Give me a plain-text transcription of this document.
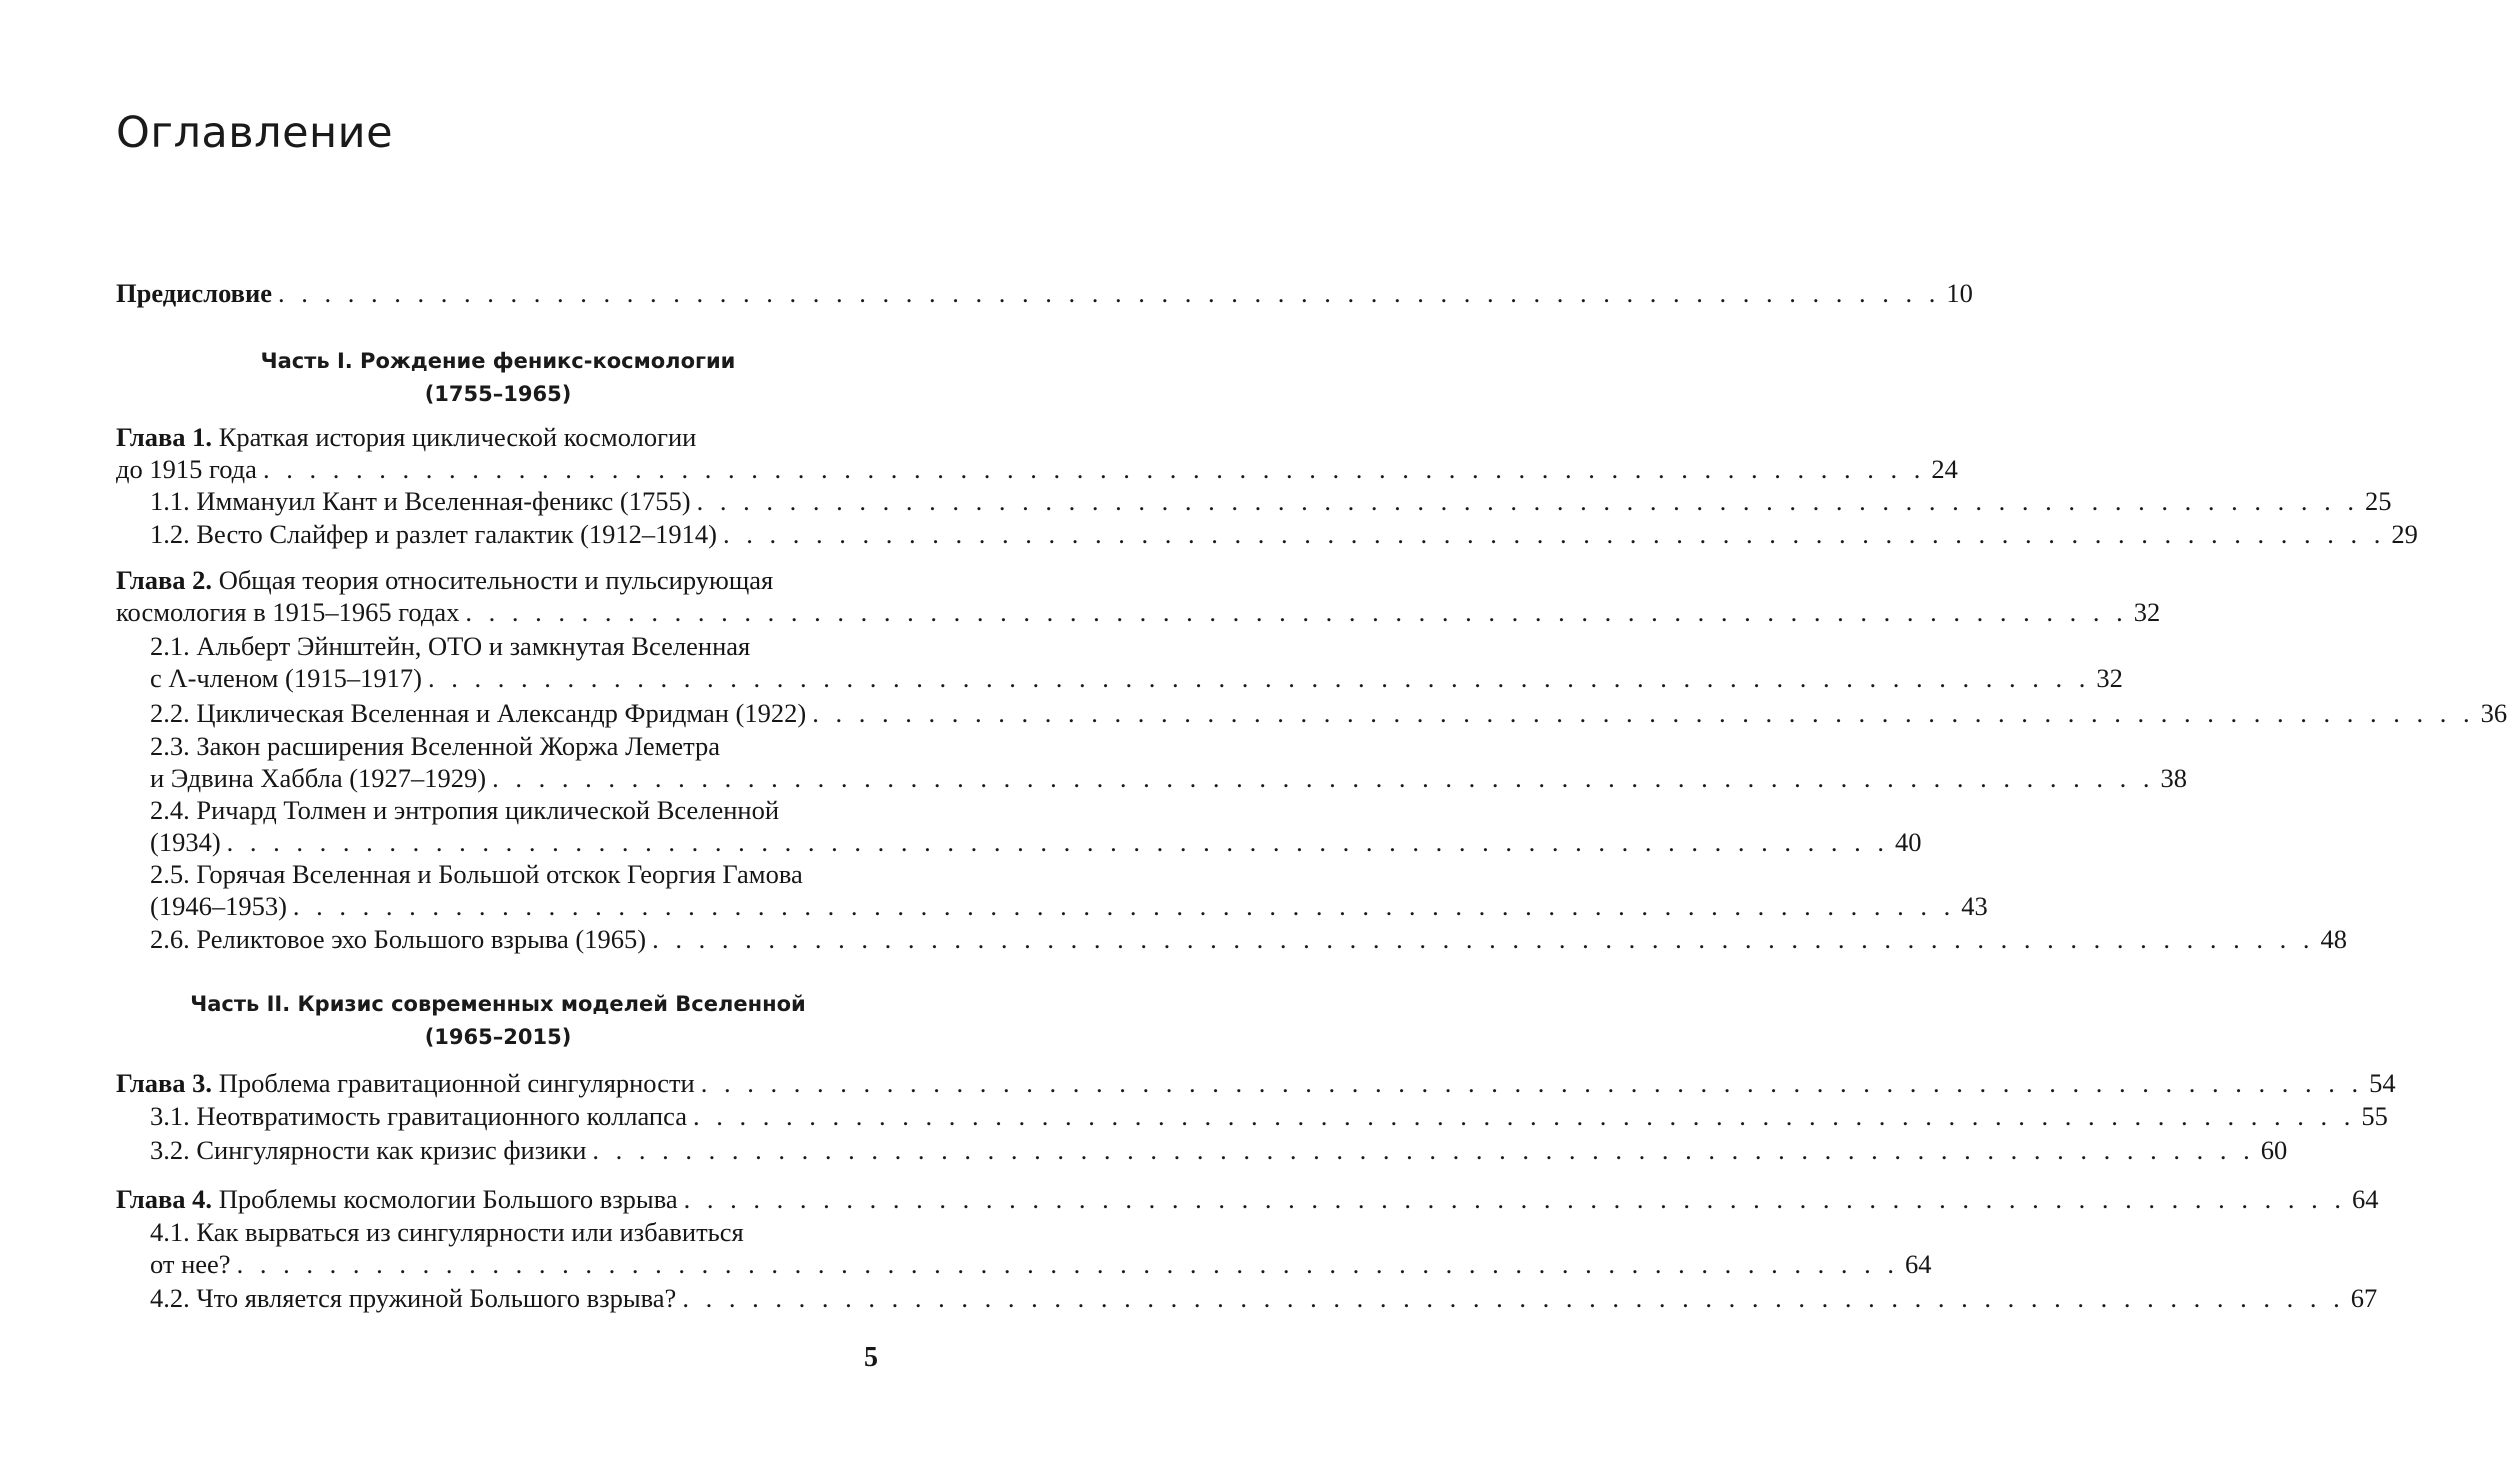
Оглавление
Предисловие . . . . . . . . . . . . . . . . . . . . . . . . . . . . . . . . . . . . . . . . . . . . . . . . . . . . . . . . . . . . . . . . . . . . . . . . 10
Глава 1. Краткая история циклической космологии
до 1915 года . . . . . . . . . . . . . . . . . . . . . . . . . . . . . . . . . . . . . . . . . . . . . . . . . . . . . . . . . . . . . . . . . . . . . . . . 24
1.1. Иммануил Кант и Вселенная-феникс (1755) . . . . . . . . . . . . . . . . . . . . . . . . . . . . . . . . . . . . . . . . . . . . . . . . . . . . . . . . . . . . . . . . . . . . . . . . 25
1.2. Весто Слайфер и разлет галактик (1912–1914) . . . . . . . . . . . . . . . . . . . . . . . . . . . . . . . . . . . . . . . . . . . . . . . . . . . . . . . . . . . . . . . . . . . . . . . . 29
Глава 2. Общая теория относительности и пульсирующая
космология в 1915–1965 годах . . . . . . . . . . . . . . . . . . . . . . . . . . . . . . . . . . . . . . . . . . . . . . . . . . . . . . . . . . . . . . . . . . . . . . . . 32
2.1. Альберт Эйнштейн, ОТО и замкнутая Вселенная
с Λ-членом (1915–1917) . . . . . . . . . . . . . . . . . . . . . . . . . . . . . . . . . . . . . . . . . . . . . . . . . . . . . . . . . . . . . . . . . . . . . . . . 32
2.2. Циклическая Вселенная и Александр Фридман (1922) . . . . . . . . . . . . . . . . . . . . . . . . . . . . . . . . . . . . . . . . . . . . . . . . . . . . . . . . . . . . . . . . . . . . . . . . 36
2.3. Закон расширения Вселенной Жоржа Леметра
и Эдвина Хаббла (1927–1929) . . . . . . . . . . . . . . . . . . . . . . . . . . . . . . . . . . . . . . . . . . . . . . . . . . . . . . . . . . . . . . . . . . . . . . . . 38
2.4. Ричард Толмен и энтропия циклической Вселенной
(1934) . . . . . . . . . . . . . . . . . . . . . . . . . . . . . . . . . . . . . . . . . . . . . . . . . . . . . . . . . . . . . . . . . . . . . . . . 40
2.5. Горячая Вселенная и Большой отскок Георгия Гамова
(1946–1953) . . . . . . . . . . . . . . . . . . . . . . . . . . . . . . . . . . . . . . . . . . . . . . . . . . . . . . . . . . . . . . . . . . . . . . . . 43
2.6. Реликтовое эхо Большого взрыва (1965) . . . . . . . . . . . . . . . . . . . . . . . . . . . . . . . . . . . . . . . . . . . . . . . . . . . . . . . . . . . . . . . . . . . . . . . . 48
Глава 3. Проблема гравитационной сингулярности . . . . . . . . . . . . . . . . . . . . . . . . . . . . . . . . . . . . . . . . . . . . . . . . . . . . . . . . . . . . . . . . . . . . . . . . 54
3.1. Неотвратимость гравитационного коллапса . . . . . . . . . . . . . . . . . . . . . . . . . . . . . . . . . . . . . . . . . . . . . . . . . . . . . . . . . . . . . . . . . . . . . . . . 55
3.2. Сингулярности как кризис физики . . . . . . . . . . . . . . . . . . . . . . . . . . . . . . . . . . . . . . . . . . . . . . . . . . . . . . . . . . . . . . . . . . . . . . . . 60
Глава 4. Проблемы космологии Большого взрыва . . . . . . . . . . . . . . . . . . . . . . . . . . . . . . . . . . . . . . . . . . . . . . . . . . . . . . . . . . . . . . . . . . . . . . . . 64
4.1. Как вырваться из сингулярности или избавиться
от нее? . . . . . . . . . . . . . . . . . . . . . . . . . . . . . . . . . . . . . . . . . . . . . . . . . . . . . . . . . . . . . . . . . . . . . . . . 64
4.2. Что является пружиной Большого взрыва? . . . . . . . . . . . . . . . . . . . . . . . . . . . . . . . . . . . . . . . . . . . . . . . . . . . . . . . . . . . . . . . . . . . . . . . . 67
Часть I. Рождение феникс-космологии
(1755–1965)
Часть II. Кризис современных моделей Вселенной
(1965–2015)
5
